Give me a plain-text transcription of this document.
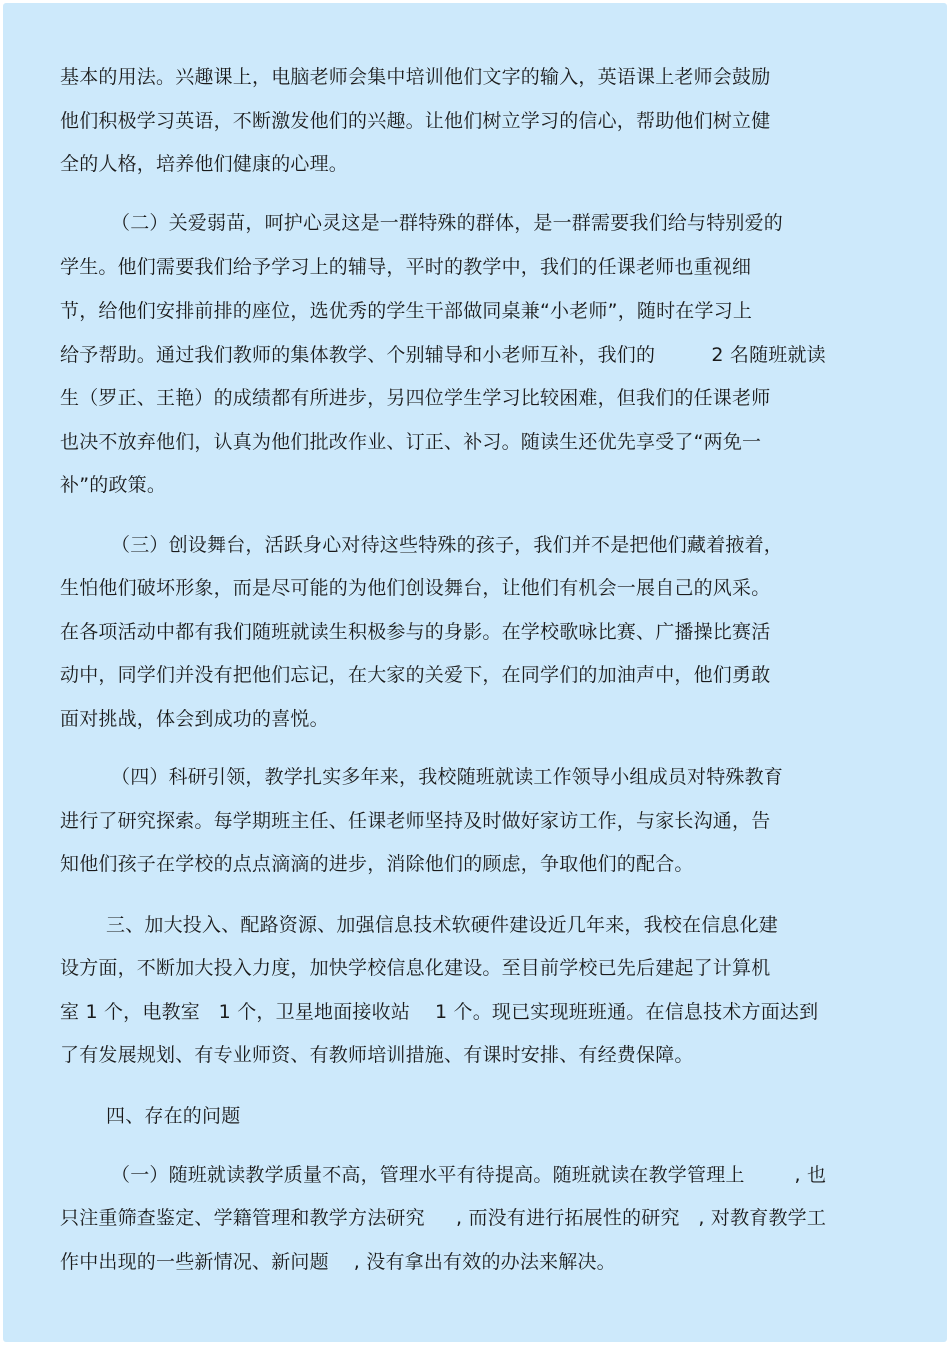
基本的用法。兴趣课上，电脑老师会集中培训他们文字的输入，英语课上老师会鼓励
他们积极学习英语，不断激发他们的兴趣。让他们树立学习的信心，帮助他们树立健
全的人格，培养他们健康的心理。
（二）关爱弱苗，呵护心灵这是一群特殊的群体，是一群需要我们给与特别爱的
学生。他们需要我们给予学习上的辅导，平时的教学中，我们的任课老师也重视细
节，给他们安排前排的座位，选优秀的学生干部做同桌兼“小老师”，随时在学习上
给予帮助。通过我们教师的集体教学、个别辅导和小老师互补，我们的         2 名随班就读
生（罗正、王艳）的成绩都有所进步，另四位学生学习比较困难，但我们的任课老师
也决不放弃他们，认真为他们批改作业、订正、补习。随读生还优先享受了“两免一
补”的政策。
（三）创设舞台，活跃身心对待这些特殊的孩子，我们并不是把他们藏着掖着，
生怕他们破坏形象，而是尽可能的为他们创设舞台，让他们有机会一展自己的风采。
在各项活动中都有我们随班就读生积极参与的身影。在学校歌咏比赛、广播操比赛活
动中，同学们并没有把他们忘记，在大家的关爱下，在同学们的加油声中，他们勇敢
面对挑战，体会到成功的喜悦。
（四）科研引领，教学扎实多年来，我校随班就读工作领导小组成员对特殊教育
进行了研究探索。每学期班主任、任课老师坚持及时做好家访工作，与家长沟通，告
知他们孩子在学校的点点滴滴的进步，消除他们的顾虑，争取他们的配合。
三、加大投入、配路资源、加强信息技术软硬件建设近几年来，我校在信息化建
设方面，不断加大投入力度，加快学校信息化建设。至目前学校已先后建起了计算机
室 1 个，电教室   1 个，卫星地面接收站    1 个。现已实现班班通。在信息技术方面达到
了有发展规划、有专业师资、有教师培训措施、有课时安排、有经费保障。
四、存在的问题
（一）随班就读教学质量不高，管理水平有待提高。随班就读在教学管理上        , 也
只注重筛查鉴定、学籍管理和教学方法研究     , 而没有进行拓展性的研究   , 对教育教学工
作中出现的一些新情况、新问题    , 没有拿出有效的办法来解决。
